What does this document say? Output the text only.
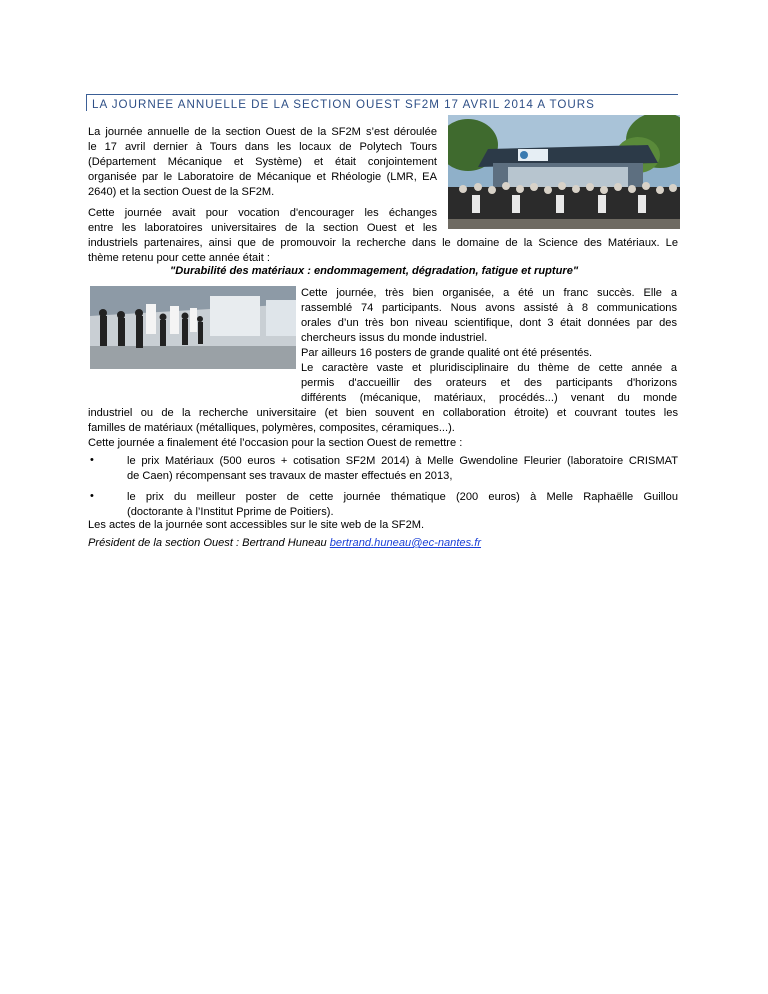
LA JOURNEE ANNUELLE DE LA SECTION OUEST SF2M 17 AVRIL 2014 A TOURS
La journée annuelle de la section Ouest de la SF2M s’est déroulée
le 17 avril dernier à Tours dans les locaux de Polytech Tours
(Département Mécanique et Système) et était conjointement
organisée par le Laboratoire de Mécanique et Rhéologie (LMR, EA
2640) et la section Ouest de la SF2M.
Cette journée avait pour vocation d'encourager les échanges
entre les laboratoires universitaires de la section Ouest et les
industriels partenaires, ainsi que de promouvoir la recherche dans le domaine de la Science des Matériaux. Le
thème retenu pour cette année était :
"Durabilité des matériaux : endommagement, dégradation, fatigue et rupture"
Cette journée, très bien organisée, a été un franc succès. Elle a
rassemblé 74 participants. Nous avons assisté à 8 communications
orales d’un très bon niveau scientifique, dont 3 était données par des
chercheurs issus du monde industriel.
Par ailleurs 16 posters de grande qualité ont été présentés.
Le caractère vaste et pluridisciplinaire du thème de cette année a
permis d'accueillir des orateurs et des participants d'horizons
différents (mécanique, matériaux, procédés...) venant du monde
industriel ou de la recherche universitaire (et bien souvent en collaboration étroite) et couvrant toutes les
familles de matériaux (métalliques, polymères, composites, céramiques...).
Cette journée a finalement été l’occasion pour la section Ouest de remettre :
•	le prix Matériaux (500 euros + cotisation SF2M 2014) à Melle Gwendoline Fleurier (laboratoire CRISMAT
de Caen) récompensant ses travaux de master effectués en 2013,
•	le prix du meilleur poster de cette journée thématique (200 euros) à Melle Raphaëlle Guillou
(doctorante à l’Institut Pprime de Poitiers).
Les actes de la journée sont accessibles sur le site web de la SF2M.
Président de la section Ouest : Bertrand Huneau bertrand.huneau@ec-nantes.fr
